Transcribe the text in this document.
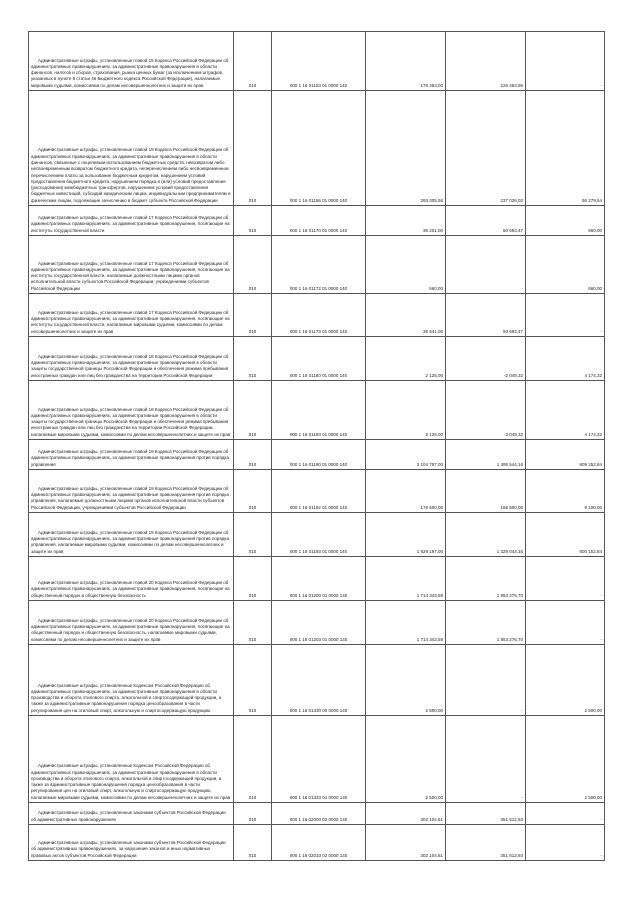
Административные штрафы, установленные главой 15 Кодекса Российской Федерации об административных правонарушениях, за административные правонарушения в области финансов, налогов и сборов, страхования, рынка ценных бумаг (за исключением штрафов, указанных в пункте 6 статьи 46 Бюджетного кодекса Российской Федерации), налагаемые мировыми судьями, комиссиями по делам несовершеннолетних и защите их прав	010	000 1 16 01153 01 0000 140	178 453,00	226 463,96	-

Административные штрафы, установленные главой 15 Кодекса Российской Федерации об административных правонарушениях, за административные правонарушения в области финансов, связанные с нецелевым использованием бюджетных средств, невозвратом либо несвоевременным возвратом бюджетного кредита, неперечислением либо несвоевременным перечислением платы за пользование бюджетным кредитом, нарушением условий предоставления бюджетного кредита, нарушением порядка и (или) условий предоставления (расходования) межбюджетных трансфертов, нарушением условий предоставления бюджетных инвестиций, субсидий юридическим лицам, индивидуальным предпринимателям и физическим лицам, подлежащие зачислению в бюджет субъекта Российской Федерации	010	000 1 16 01156 01 0000 140	293 305,56	237 026,02	56 279,54

Административные штрафы, установленные главой 17 Кодекса Российской Федерации об административных правонарушениях, за административные правонарушения, посягающие на институты государственной власти	010	000 1 16 01170 01 0000 140	36 201,00	50 693,47	660,00

Административные штрафы, установленные главой 17 Кодекса Российской Федерации об административных правонарушениях, за административные правонарушения, посягающие на институты государственной власти, налагаемые должностными лицами органов исполнительной власти субъектов Российской Федерации, учреждениями субъектов Российской Федерации	010	000 1 16 01172 01 0000 140	660,00	-	660,00

Административные штрафы, установленные главой 17 Кодекса Российской Федерации об административных правонарушениях, за административные правонарушения, посягающие на институты государственной власти, налагаемые мировыми судьями, комиссиями по делам несовершеннолетних и защите их прав	010	000 1 16 01173 01 0000 140	35 541,00	50 693,47	-

Административные штрафы, установленные главой 18 Кодекса Российской Федерации об административных правонарушениях, за административные правонарушения в области защиты государственной границы Российской Федерации и обеспечения режима пребывания иностранных граждан или лиц без гражданства на территории Российской Федерации	010	000 1 16 01180 01 0000 140	2 125,00	-2 049,32	4 174,32

Административные штрафы, установленные главой 18 Кодекса Российской Федерации об административных правонарушениях, за административные правонарушения в области защиты государственной границы Российской Федерации и обеспечения режима пребывания иностранных граждан или лиц без гражданства на территории Российской Федерации, налагаемые мировыми судьями, комиссиями по делам несовершеннолетних и защите их прав	010	000 1 16 01183 01 0000 140	2 125,00	-2 049,32	4 174,32

Административные штрафы, установленные главой 19 Кодекса Российской Федерации об административных правонарушениях, за административные правонарушения против порядка управления	010	000 1 16 01190 01 0000 140	2 104 797,00	1 495 544,16	609 252,84

Административные штрафы, установленные главой 19 Кодекса Российской Федерации об административных правонарушениях, за административные правонарушения против порядка управления, налагаемые должностными лицами органов исполнительной власти субъектов Российской Федерации, учреждениями субъектов Российской Федерации	010	000 1 16 01192 01 0000 140	175 600,00	166 500,00	9 100,00

Административные штрафы, установленные главой 19 Кодекса Российской Федерации об административных правонарушениях, за административные правонарушения против порядка управления, налагаемые мировыми судьями, комиссиями по делам несовершеннолетних и защите их прав	010	000 1 16 01193 01 0000 140	1 929 197,00	1 329 044,16	600 152,84

Административные штрафы, установленные главой 20 Кодекса Российской Федерации об административных правонарушениях, за административные правонарушения, посягающие на общественный порядок и общественную безопасность	010	000 1 16 01200 01 0000 140	1 714 343,59	1 853 276,70	-

Административные штрафы, установленные главой 20 Кодекса Российской Федерации об административных правонарушениях, за административные правонарушения, посягающие на общественный порядок и общественную безопасность, налагаемые мировыми судьями, комиссиями по делам несовершеннолетних и защите их прав	010	000 1 16 01203 01 0000 140	1 714 343,59	1 853 276,70	-

Административные штрафы, установленные Кодексом Российской Федерации об административных правонарушениях, за административные правонарушения в области производства и оборота этилового спирта, алкогольной и спиртосодержащей продукции, а также за административные правонарушения порядка ценообразования в части регулирования цен на этиловый спирт, алкогольную и спиртосодержащую продукцию	010	000 1 16 01330 00 0000 140	2 500,00	-	2 500,00

Административные штрафы, установленные Кодексом Российской Федерации об административных правонарушениях, за административные правонарушения в области производства и оборота этилового спирта, алкогольной и спиртосодержащей продукции, а также за административные правонарушения порядка ценообразования в части регулирования цен на этиловый спирт, алкогольную и спиртосодержащую продукцию, налагаемые мировыми судьями, комиссиями по делам несовершеннолетних и защите их прав	010	000 1 16 01333 01 0000 140	2 500,00	-	2 500,00

Административные штрафы, установленные законами субъектов Российской Федерации об административных правонарушениях	010	000 1 16 02000 02 0000 140	302 104,61	351 612,93	-

Административные штрафы, установленные законами субъектов Российской Федерации об административных правонарушениях, за нарушение законов и иных нормативных правовых актов субъектов Российской Федерации	010	000 1 16 02010 02 0000 140	302 104,61	351 612,93	-
